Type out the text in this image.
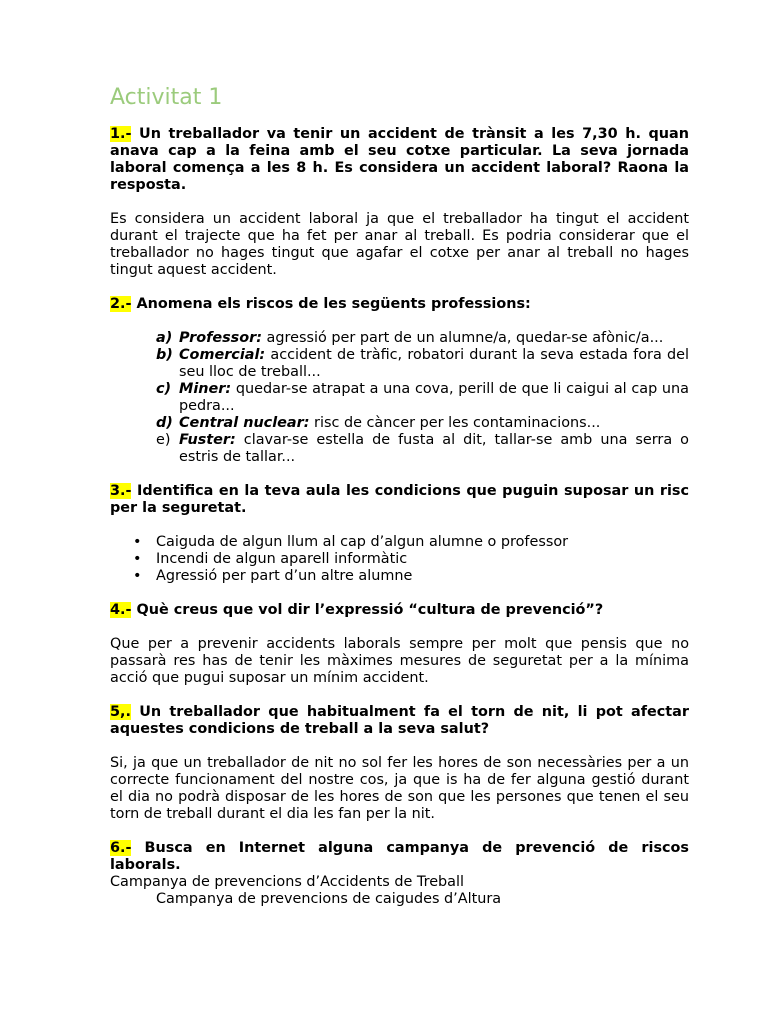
Activitat 1

1.- Un treballador va tenir un accident de trànsit a les 7,30 h. quan anava cap a la feina amb el seu cotxe particular. La seva jornada laboral comença a les 8 h. Es considera un accident laboral? Raona la resposta.

Es considera un accident laboral ja que el treballador ha tingut el accident durant el trajecte que ha fet per anar al treball. Es podria considerar que el treballador no hages tingut que agafar el cotxe per anar al treball no hages tingut aquest accident.

2.- Anomena els riscos de les següents professions:

a) Professor: agressió per part de un alumne/a, quedar-se afònic/a...
b) Comercial: accident de tràfic, robatori durant la seva estada fora del seu lloc de treball...
c) Miner: quedar-se atrapat a una cova, perill de que li caigui al cap una pedra...
d) Central nuclear: risc de càncer per les contaminacions...
e) Fuster: clavar-se estella de fusta al dit, tallar-se amb una serra o estris de tallar...

3.- Identifica en la teva aula les condicions que puguin suposar un risc per la seguretat.

• Caiguda de algun llum al cap d’algun alumne o professor
• Incendi de algun aparell informàtic
• Agressió per part d’un altre alumne

4.- Què creus que vol dir l’expressió “cultura de prevenció”?

Que per a prevenir accidents laborals sempre per molt que pensis que no passarà res has de tenir les màximes mesures de seguretat per a la mínima acció que pugui suposar un mínim accident.

5,. Un treballador que habitualment fa el torn de nit, li pot afectar aquestes condicions de treball a la seva salut?

Si, ja que un treballador de nit no sol fer les hores de son necessàries per a un correcte funcionament del nostre cos, ja que is ha de fer alguna gestió durant el dia no podrà disposar de les hores de son que les persones que tenen el seu torn de treball durant el dia les fan per la nit.

6.- Busca en Internet alguna campanya de prevenció de riscos laborals.

Campanya de prevencions d’Accidents de Treball

Campanya de prevencions de caigudes d’Altura
